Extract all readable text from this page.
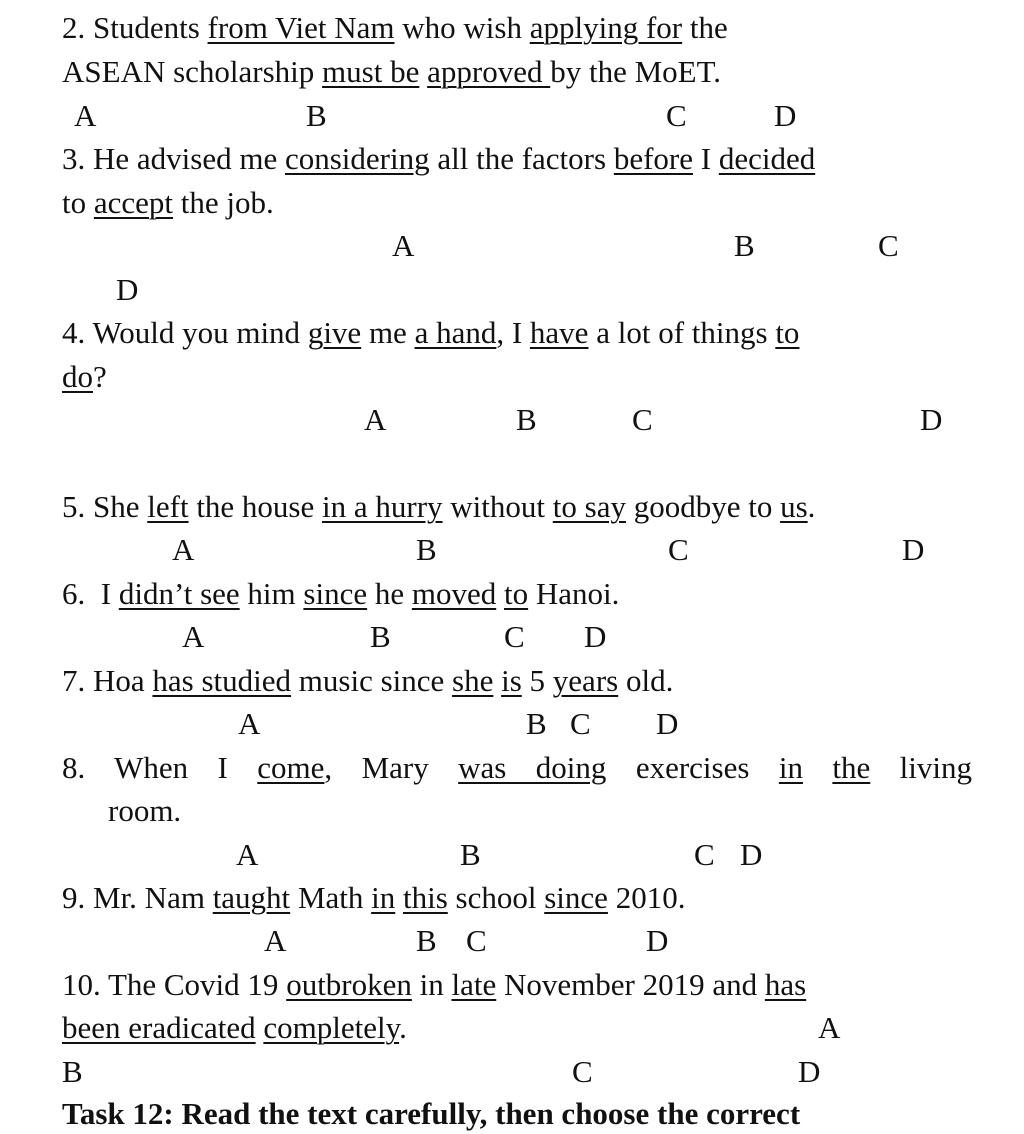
2. Students from Viet Nam who wish applying for the
ASEAN scholarship must be approved by the MoET.
A	B	C	D
3. He advised me considering all the factors before I decided
to accept the job.
A	B	C
D
4. Would you mind give me a hand, I have a lot of things to
do?
A	B	C	D
5. She left the house in a hurry without to say goodbye to us.
A	B	C	D
6.  I didn’t see him since he moved to Hanoi.
A	B	C D
7. Hoa has studied music since she is 5 years old.
A	B C D
8. When I come, Mary was doing exercises in the living
room.
A	B	C D
9. Mr. Nam taught Math in this school since 2010.
A	B C	D
10. The Covid 19 outbroken in late November 2019 and has
been eradicated completely.	A
B	C	D
Task 12: Read the text carefully, then choose the correct
